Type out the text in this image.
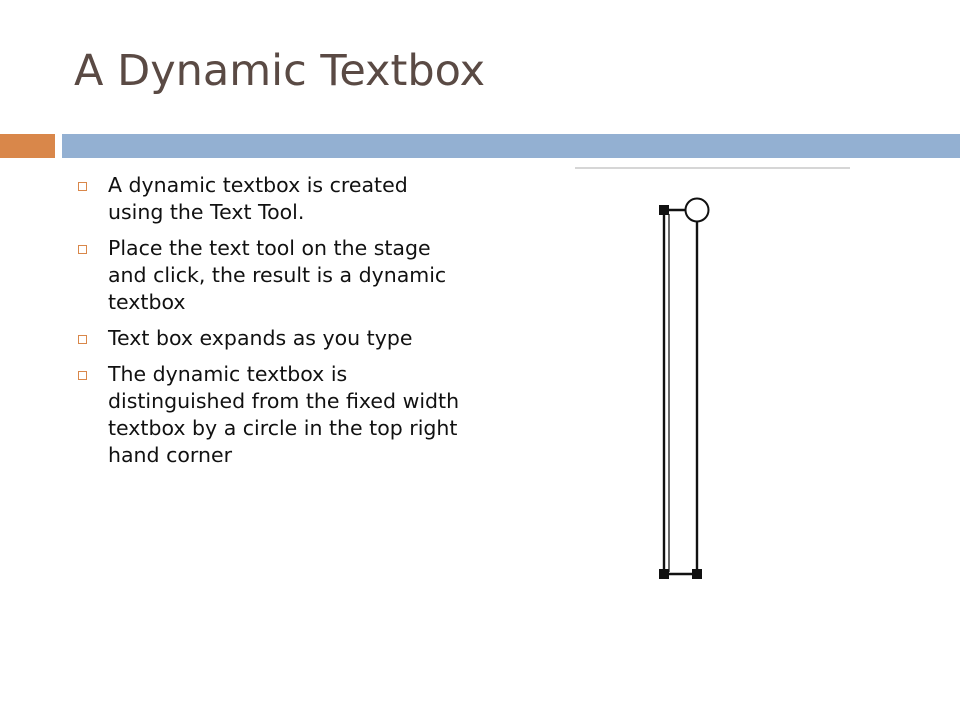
A Dynamic Textbox
A dynamic textbox is created using the Text Tool.
Place the text tool on the stage and click, the result is a dynamic textbox
Text box expands as you type
The dynamic textbox is distinguished from the fixed width textbox by a circle in the top right hand corner
